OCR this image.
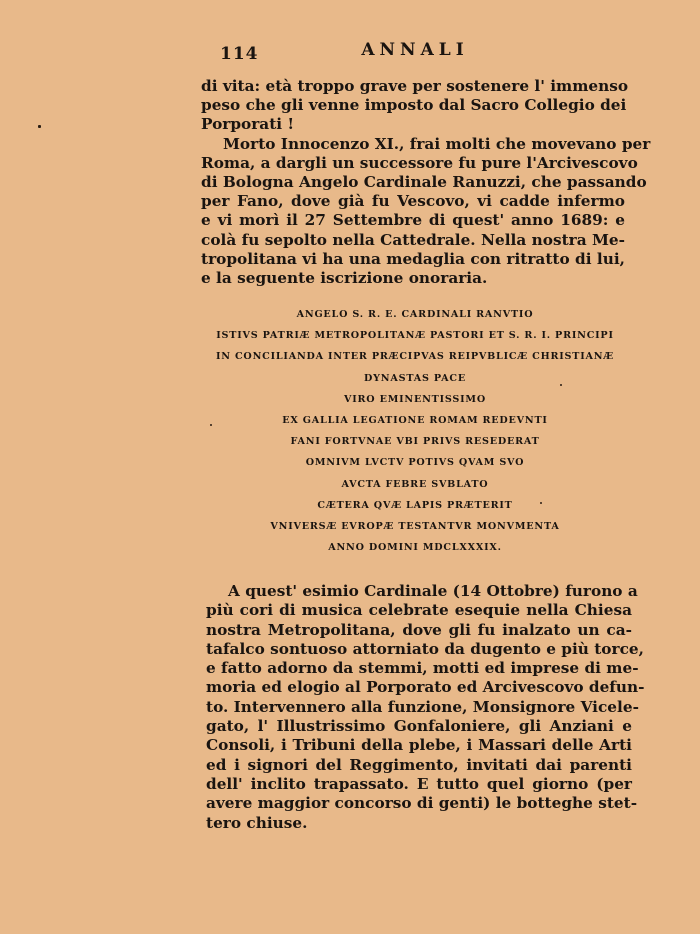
114	ANNALI
di vita: età troppo grave per sostenere l' immenso
peso che gli venne imposto dal Sacro Collegio dei
Porporati !
Morto Innocenzo XI., frai molti che movevano per
Roma, a dargli un successore fu pure l'Arcivescovo
di Bologna Angelo Cardinale Ranuzzi, che passando
per Fano, dove già fu Vescovo, vi cadde infermo
e vi morì il 27 Settembre di quest' anno 1689: e
colà fu sepolto nella Cattedrale. Nella nostra Me-
tropolitana vi ha una medaglia con ritratto di lui,
e la seguente iscrizione onoraria.
ANGELO S. R. E. CARDINALI RANVTIO
ISTIVS PATRIÆ METROPOLITANÆ PASTORI ET S. R. I. PRINCIPI
IN CONCILIANDA INTER PRÆCIPVAS REIPVBLICÆ CHRISTIANÆ
DYNASTAS PACE
VIRO EMINENTISSIMO
EX GALLIA LEGATIONE ROMAM REDEVNTI
FANI FORTVNAE VBI PRIVS RESEDERAT
OMNIVM LVCTV POTIVS QVAM SVO
AVCTA FEBRE SVBLATO
CÆTERA QVÆ LAPIS PRÆTERIT
VNIVERSÆ EVROPÆ TESTANTVR MONVMENTA
ANNO DOMINI MDCLXXXIX.
A quest' esimio Cardinale (14 Ottobre) furono a
più cori di musica celebrate esequie nella Chiesa
nostra Metropolitana, dove gli fu inalzato un ca-
tafalco sontuoso attorniato da dugento e più torce,
e fatto adorno da stemmi, motti ed imprese di me-
moria ed elogio al Porporato ed Arcivescovo defun-
to. Intervennero alla funzione, Monsignore Vicele-
gato, l' Illustrissimo Gonfaloniere, gli Anziani e
Consoli, i Tribuni della plebe, i Massari delle Arti
ed i signori del Reggimento, invitati dai parenti
dell' inclito trapassato. E tutto quel giorno (per
avere maggior concorso di genti) le botteghe stet-
tero chiuse.
